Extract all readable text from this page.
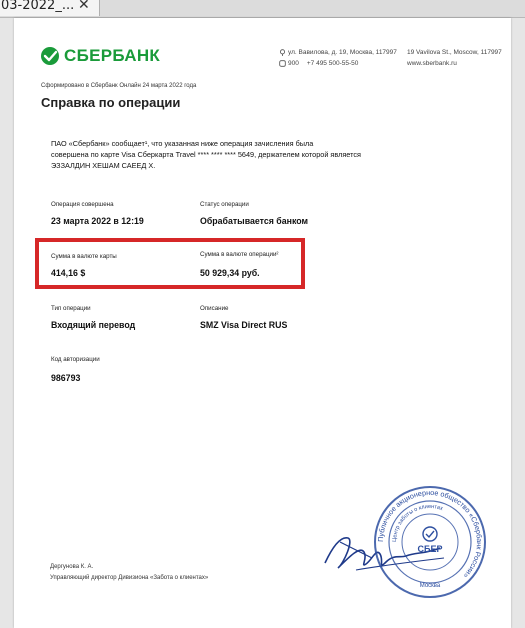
03-2022_... ✕
СБЕРБАНК	ул. Вавилова, д. 19, Москва, 117997
900 +7 495 500-55-50
19 Vavilova St., Moscow, 117997
www.sberbank.ru
Сформировано в Сбербанк Онлайн 24 марта 2022 года
Справка по операции
ПАО «Сбербанк» сообщает¹, что указанная ниже операция зачисления была
совершена по карте Visa Сберкарта Travel **** **** **** 5649, держателем которой является
ЭЗЗАЛДИН ХЕШАМ САЕЕД Х.
Операция совершена
23 марта 2022 в 12:19
Статус операции
Обрабатывается банком
Сумма в валюте карты
414,16 $
Сумма в валюте операции²
50 929,34 руб.
Тип операции
Входящий перевод
Описание
SMZ Visa Direct RUS
Код авторизации
986793
Публичное акционерное общество «Сбербанк России»
Центр заботы о клиентах
СБЕР
Москва
Дергунова К. А.
Управляющий директор Дивизиона «Забота о клиентах»
